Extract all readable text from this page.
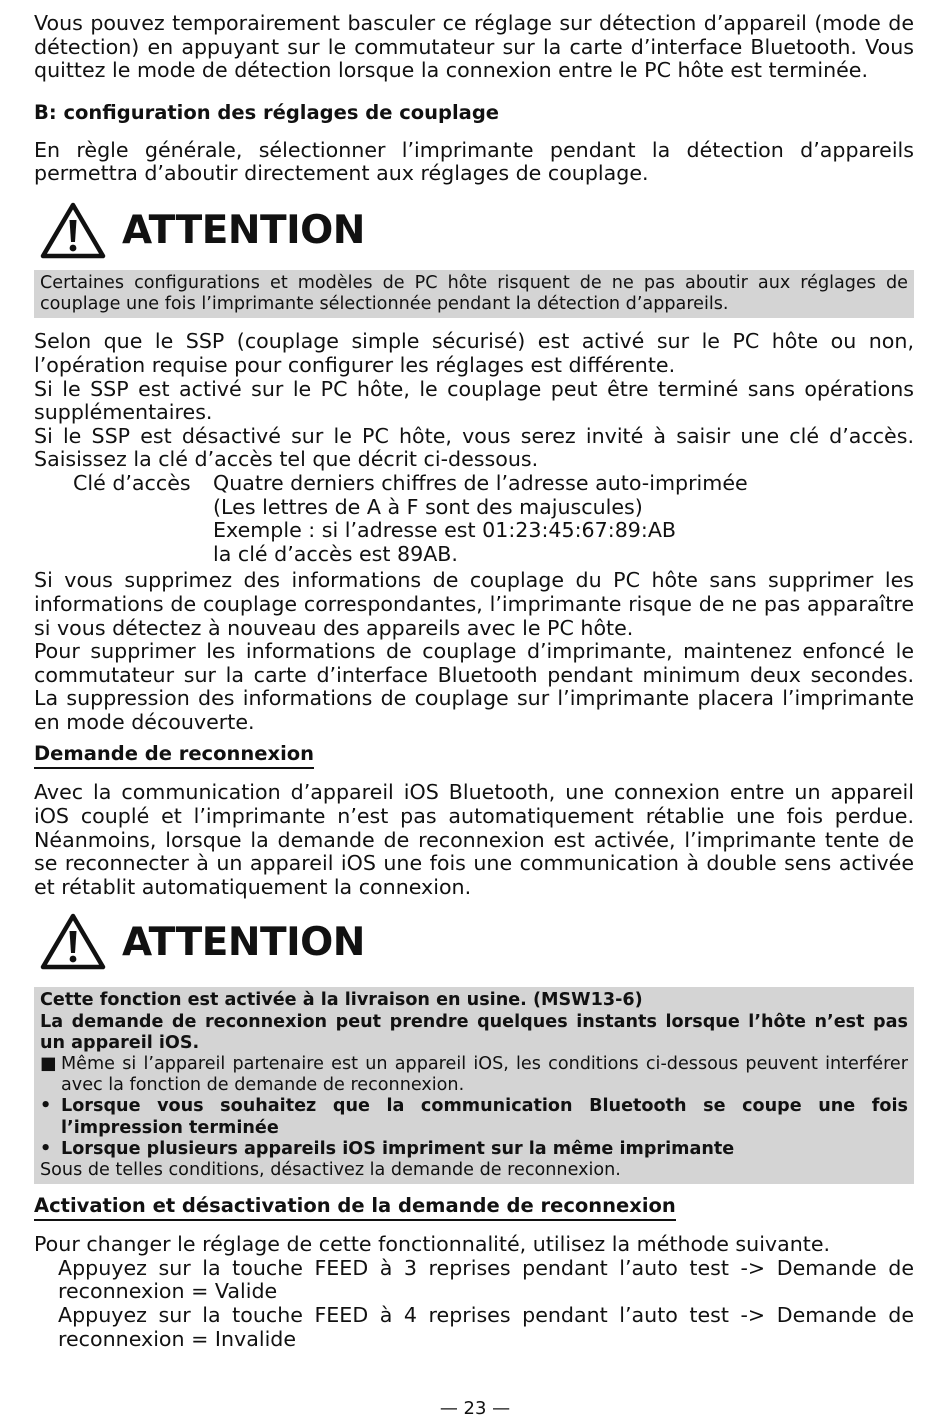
Vous pouvez temporairement basculer ce réglage sur détection d’appareil (mode de détection) en appuyant sur le commutateur sur la carte d’interface Bluetooth. Vous quittez le mode de détection lorsque la connexion entre le PC hôte est terminée.

B: configuration des réglages de couplage

En règle générale, sélectionner l’imprimante pendant la détection d’appareils permettra d’aboutir directement aux réglages de couplage.

ATTENTION

Certaines configurations et modèles de PC hôte risquent de ne pas aboutir aux réglages de couplage une fois l’imprimante sélectionnée pendant la détection d’appareils.

Selon que le SSP (couplage simple sécurisé) est activé sur le PC hôte ou non, l’opération requise pour configurer les réglages est différente.

Si le SSP est activé sur le PC hôte, le couplage peut être terminé sans opérations supplémentaires.

Si le SSP est désactivé sur le PC hôte, vous serez invité à saisir une clé d’accès. Saisissez la clé d’accès tel que décrit ci-dessous.

Clé d’accès	Quatre derniers chiffres de l’adresse auto-imprimée
(Les lettres de A à F sont des majuscules)
Exemple : si l’adresse est 01:23:45:67:89:AB
la clé d’accès est 89AB.

Si vous supprimez des informations de couplage du PC hôte sans supprimer les informations de couplage correspondantes, l’imprimante risque de ne pas apparaître si vous détectez à nouveau des appareils avec le PC hôte.

Pour supprimer les informations de couplage d’imprimante, maintenez enfoncé le commutateur sur la carte d’interface Bluetooth pendant minimum deux secondes. La suppression des informations de couplage sur l’imprimante placera l’imprimante en mode découverte.

Demande de reconnexion

Avec la communication d’appareil iOS Bluetooth, une connexion entre un appareil iOS couplé et l’imprimante n’est pas automatiquement rétablie une fois perdue. Néanmoins, lorsque la demande de reconnexion est activée, l’imprimante tente de se reconnecter à un appareil iOS une fois une communication à double sens activée et rétablit automatiquement la connexion.

ATTENTION

Cette fonction est activée à la livraison en usine. (MSW13-6)

La demande de reconnexion peut prendre quelques instants lorsque l’hôte n’est pas un appareil iOS.

■ Même si l’appareil partenaire est un appareil iOS, les conditions ci-dessous peuvent interférer avec la fonction de demande de reconnexion.
• Lorsque vous souhaitez que la communication Bluetooth se coupe une fois l’impression terminée
• Lorsque plusieurs appareils iOS impriment sur la même imprimante

Sous de telles conditions, désactivez la demande de reconnexion.

Activation et désactivation de la demande de reconnexion

Pour changer le réglage de cette fonctionnalité, utilisez la méthode suivante.

Appuyez sur la touche FEED à 3 reprises pendant l’auto test -> Demande de reconnexion = Valide

Appuyez sur la touche FEED à 4 reprises pendant l’auto test -> Demande de reconnexion = Invalide

— 23 —
